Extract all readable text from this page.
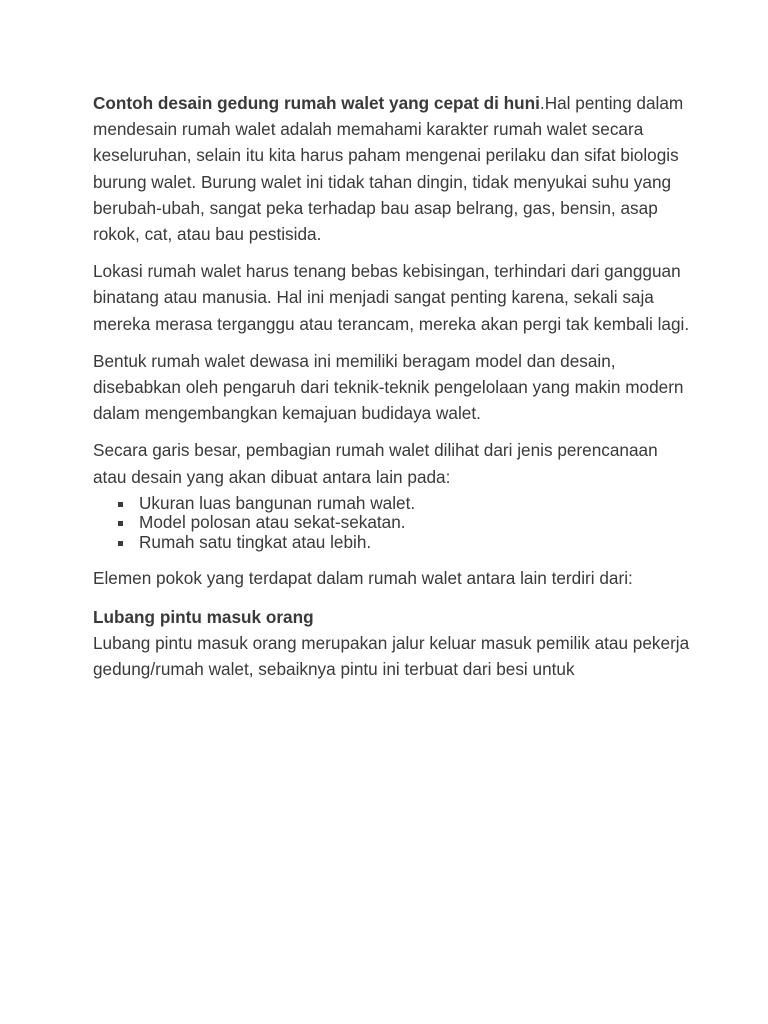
Contoh desain gedung rumah walet yang cepat di huni.Hal penting dalam mendesain rumah walet adalah memahami karakter rumah walet secara keseluruhan, selain itu kita harus paham mengenai perilaku dan sifat biologis burung walet. Burung walet ini tidak tahan dingin, tidak menyukai suhu yang berubah-ubah, sangat peka terhadap bau asap belrang, gas, bensin, asap rokok, cat, atau bau pestisida.

Lokasi rumah walet harus tenang bebas kebisingan, terhindari dari gangguan binatang atau manusia. Hal ini menjadi sangat penting karena, sekali saja mereka merasa terganggu atau terancam, mereka akan pergi tak kembali lagi.

Bentuk rumah walet dewasa ini memiliki beragam model dan desain, disebabkan oleh pengaruh dari teknik-teknik pengelolaan yang makin modern dalam mengembangkan kemajuan budidaya walet.

Secara garis besar, pembagian rumah walet dilihat dari jenis perencanaan atau desain yang akan dibuat antara lain pada:

Ukuran luas bangunan rumah walet.
Model polosan atau sekat-sekatan.
Rumah satu tingkat atau lebih.

Elemen pokok yang terdapat dalam rumah walet antara lain terdiri dari:

Lubang pintu masuk orang

Lubang pintu masuk orang merupakan jalur keluar masuk pemilik atau pekerja gedung/rumah walet, sebaiknya pintu ini terbuat dari besi untuk
